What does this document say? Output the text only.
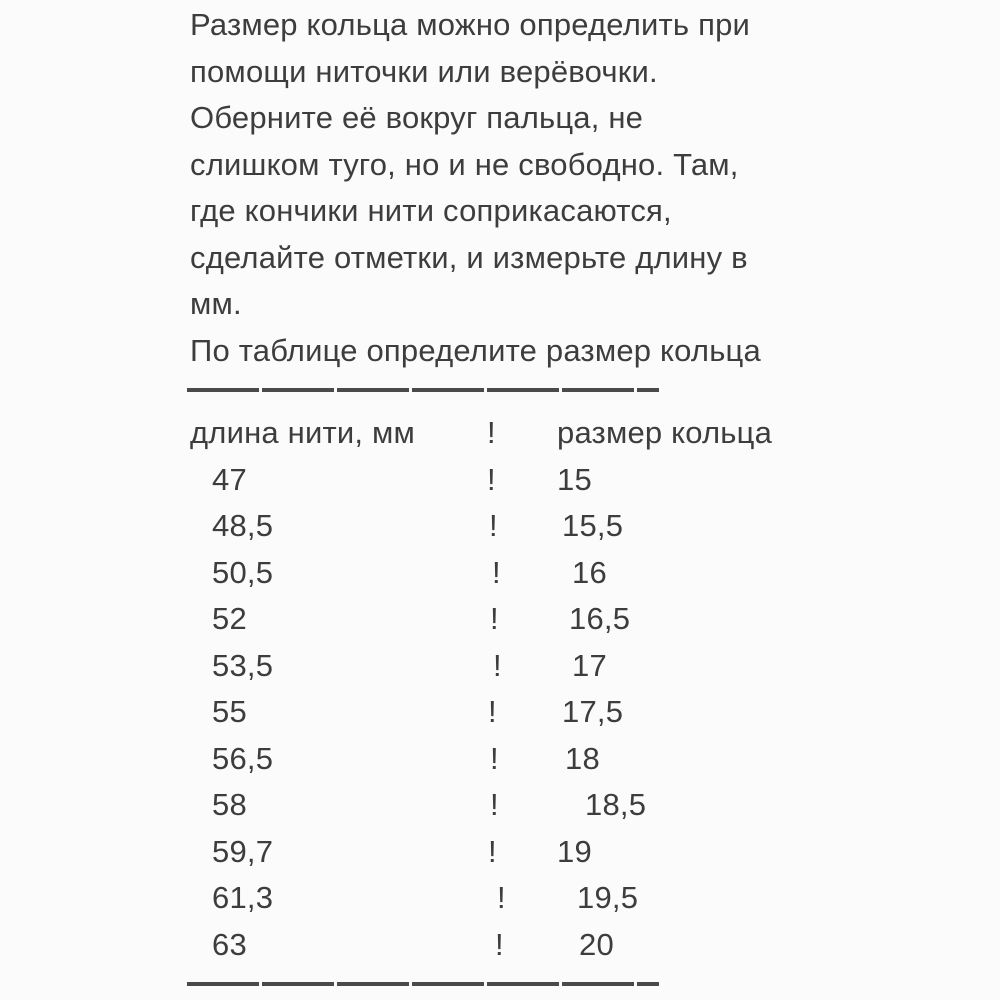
Размер кольца можно определить при
помощи ниточки или верёвочки.
Оберните её вокруг пальца, не
слишком туго, но и не свободно. Там,
где кончики нити соприкасаются,
сделайте отметки, и измерьте длину в
мм.
По таблице определите размер кольца
длина нити, мм	!	размер кольца
47	!	15
48,5	!	15,5
50,5	!	16
52	!	16,5
53,5	!	17
55	!	17,5
56,5	!	18
58	!	18,5
59,7	!	19
61,3	!	19,5
63	!	20
